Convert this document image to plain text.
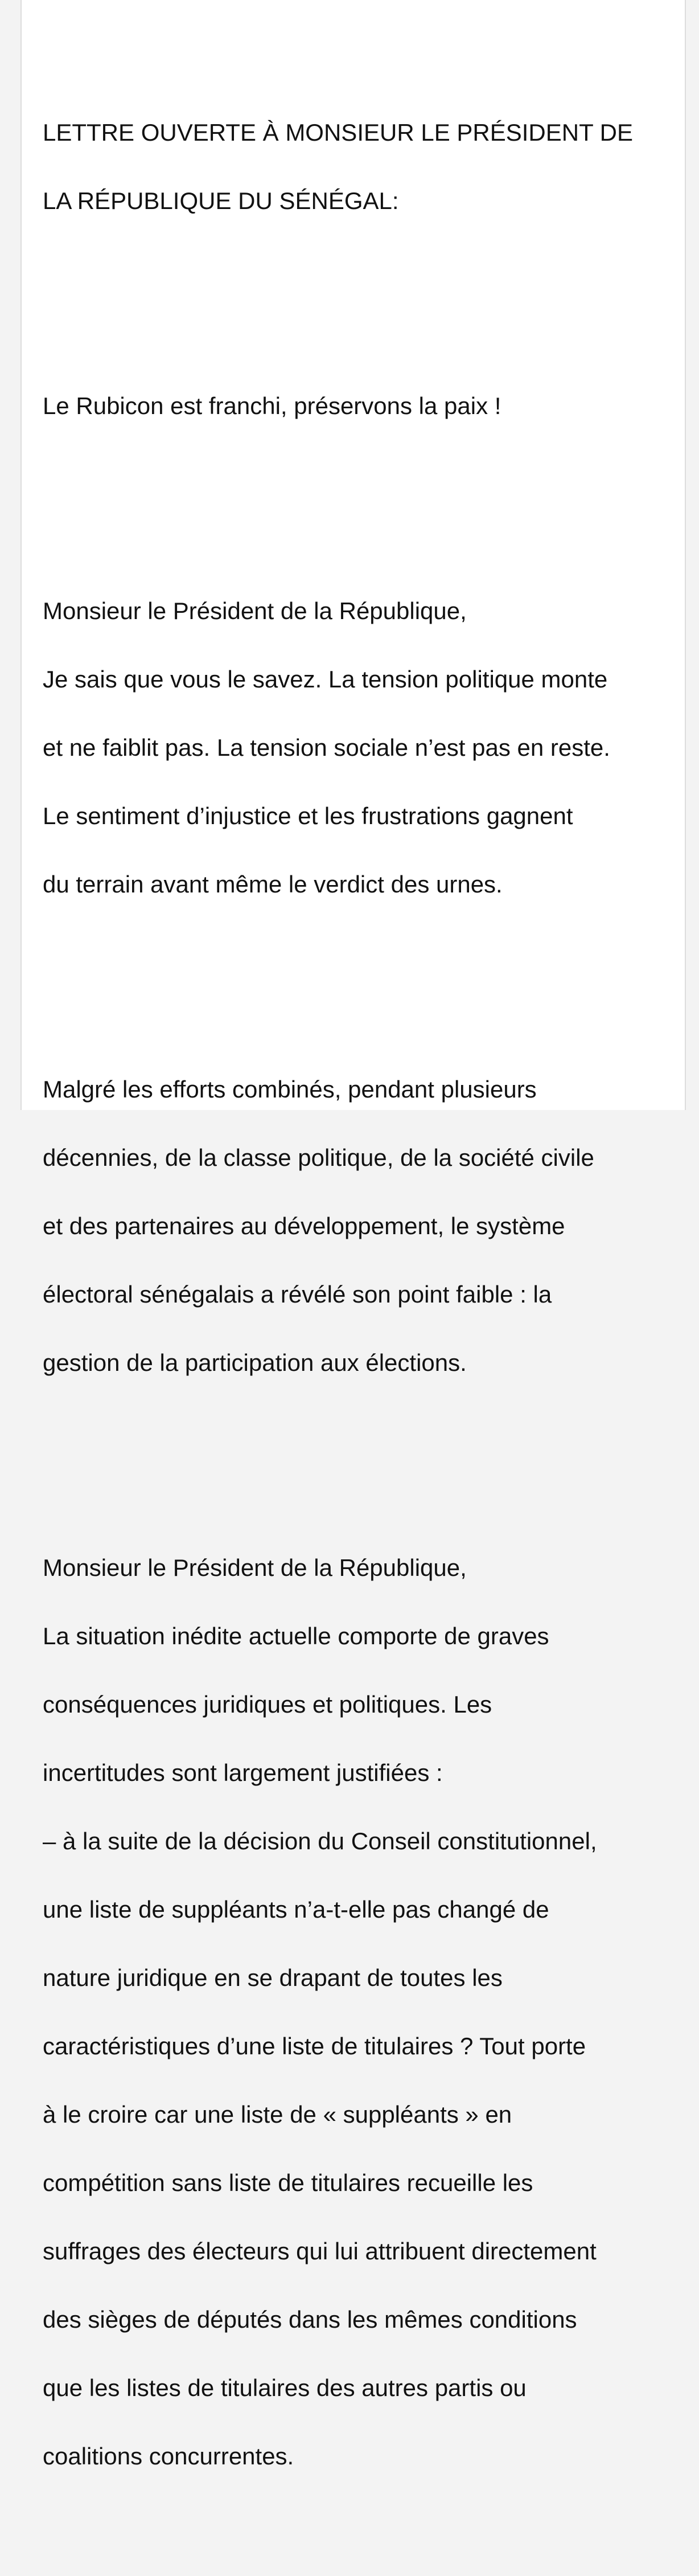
LETTRE OUVERTE À MONSIEUR LE PRÉSIDENT DE

LA RÉPUBLIQUE DU SÉNÉGAL:

Le Rubicon est franchi, préservons la paix !

Monsieur le Président de la République,

Je sais que vous le savez. La tension politique monte

et ne faiblit pas. La tension sociale n’est pas en reste.

Le sentiment d’injustice et les frustrations gagnent

du terrain avant même le verdict des urnes.

Malgré les efforts combinés, pendant plusieurs

décennies, de la classe politique, de la société civile

et des partenaires au développement, le système

électoral sénégalais a révélé son point faible : la

gestion de la participation aux élections.

Monsieur le Président de la République,

La situation inédite actuelle comporte de graves

conséquences juridiques et politiques. Les

incertitudes sont largement justifiées :

– à la suite de la décision du Conseil constitutionnel,

une liste de suppléants n’a-t-elle pas changé de

nature juridique en se drapant de toutes les

caractéristiques d’une liste de titulaires ? Tout porte

à le croire car une liste de « suppléants » en

compétition sans liste de titulaires recueille les

suffrages des électeurs qui lui attribuent directement

des sièges de députés dans les mêmes conditions

que les listes de titulaires des autres partis ou

coalitions concurrentes.
